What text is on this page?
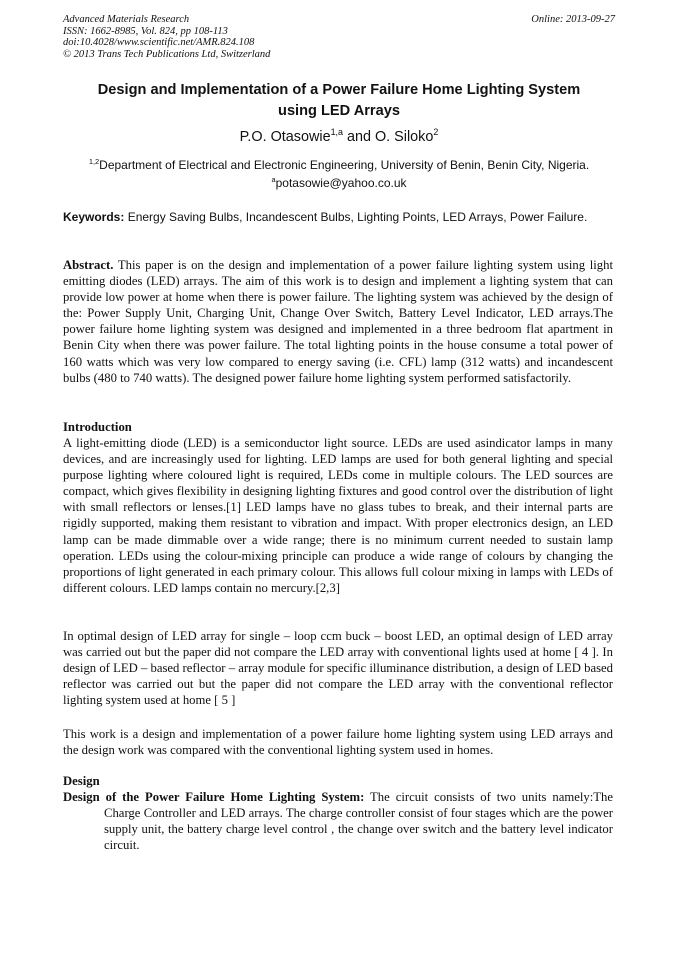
Advanced Materials Research
ISSN: 1662-8985, Vol. 824, pp 108-113
doi:10.4028/www.scientific.net/AMR.824.108
© 2013 Trans Tech Publications Ltd, Switzerland
Online: 2013-09-27
Design and Implementation of a Power Failure Home Lighting System
using LED Arrays
P.O. Otasowie$^{1,a}$ and O. Siloko$^2$
$^{1,2}$Department of Electrical and Electronic Engineering, University of Benin, Benin City, Nigeria.
$^a$potasowie@yahoo.co.uk
Keywords: Energy Saving Bulbs, Incandescent Bulbs, Lighting Points, LED Arrays, Power Failure.
Abstract. This paper is on the design and implementation of a power failure lighting system using light emitting diodes (LED) arrays. The aim of this work is to design and implement a lighting system that can provide low power at home when there is power failure. The lighting system was achieved by the design of the: Power Supply Unit, Charging Unit, Change Over Switch, Battery Level Indicator, LED arrays.The power failure home lighting system was designed and implemented in a three bedroom flat apartment in Benin City when there was power failure. The total lighting points in the house consume a total power of 160 watts which was very low compared to energy saving (i.e. CFL) lamp (312 watts) and incandescent bulbs (480 to 740 watts). The designed power failure home lighting system performed satisfactorily.
Introduction
A light-emitting diode (LED) is a semiconductor light source. LEDs are used asindicator lamps in many devices, and are increasingly used for lighting. LED lamps are used for both general lighting and special purpose lighting where coloured light is required, LEDs come in multiple colours. The LED sources are compact, which gives flexibility in designing lighting fixtures and good control over the distribution of light with small reflectors or lenses.[1] LED lamps have no glass tubes to break, and their internal parts are rigidly supported, making them resistant to vibration and impact. With proper electronics design, an LED lamp can be made dimmable over a wide range; there is no minimum current needed to sustain lamp operation. LEDs using the colour-mixing principle can produce a wide range of colours by changing the proportions of light generated in each primary colour. This allows full colour mixing in lamps with LEDs of different colours. LED lamps contain no mercury.[2,3]
In optimal design of LED array for single – loop ccm buck – boost LED, an optimal design of LED array was carried out but the paper did not compare the LED array with conventional lights used at home [ 4 ]. In design of LED – based reflector – array module for specific illuminance distribution, a design of LED based reflector was carried out but the paper did not compare the LED array with the conventional reflector lighting system used at home [ 5 ]
This work is a design and implementation of a power failure home lighting system using LED arrays and the design work was compared with the conventional lighting system used in homes.
Design
Design of the Power Failure Home Lighting System: The circuit consists of two units namely:The Charge Controller and LED arrays. The charge controller consist of four stages which are the power supply unit, the battery charge level control , the change over switch and the battery level indicator circuit.
